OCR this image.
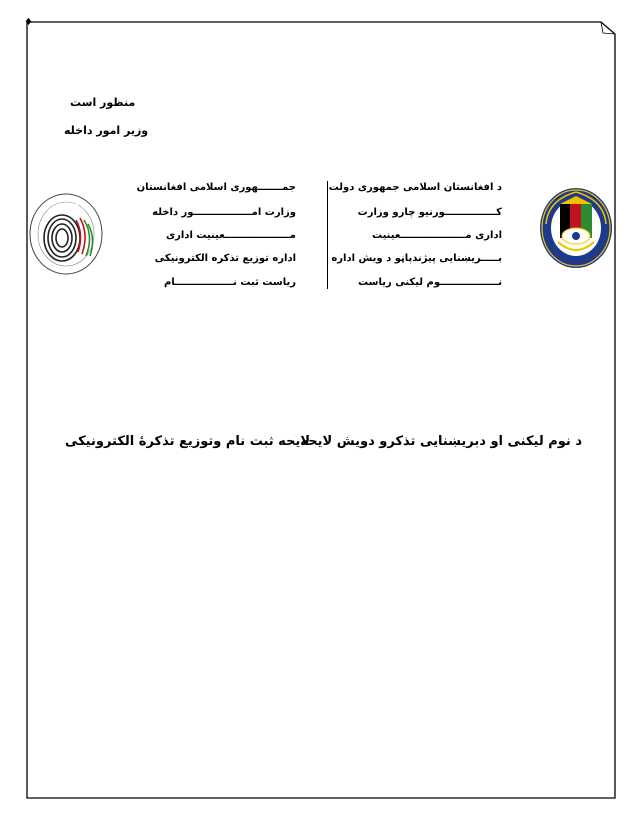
♦
منظور است
وزیر امور داخله
جمـــــــهوری اسلامی افغانستان
وزارت امـــــــــــــــــور داخله
مـــــــــــــــــــعینیت اداری
اداره توزیع تذکره الکترونیکی
ریاست ثبت نـــــــــــــــــام
د افغانستان اسلامی جمهوری دولت
کـــــــــــــــورنیو چارو وزارت
اداری مـــــــــــــــــــعینیت
بـــــریښنایی پیژندپاڼو د ویش اداره
نـــــــــــــــــوم لیکنی ریاست
لایحه ثبت نام وتوزیع تذکرۀ الکترونیکی
د نوم لیکنی او دبریښنایی تذکرو دویش لایحه
